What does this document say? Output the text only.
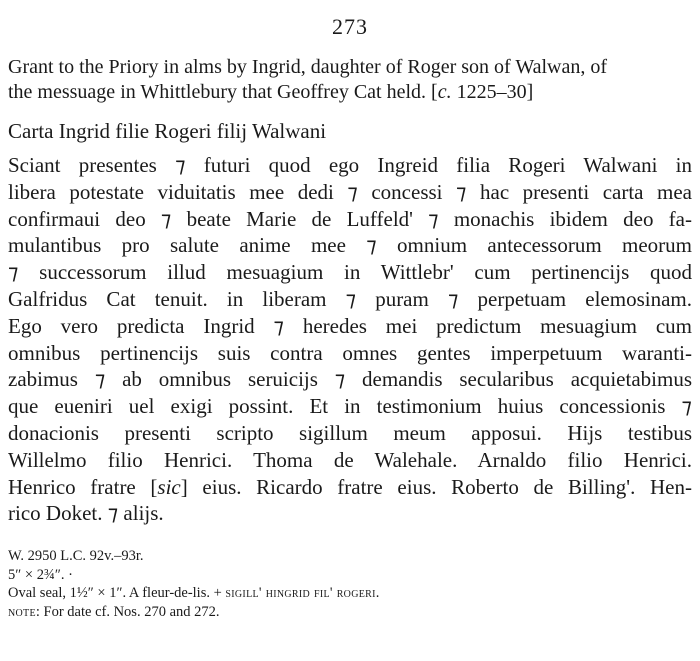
273
Grant to the Priory in alms by Ingrid, daughter of Roger son of Walwan, of
the messuage in Whittlebury that Geoffrey Cat held. [c. 1225–30]
Carta Ingrid filie Rogeri filij Walwani
Sciant presentes ⁊ futuri quod ego Ingreid filia Rogeri Walwani in
libera potestate viduitatis mee dedi ⁊ concessi ⁊ hac presenti carta mea
confirmaui deo ⁊ beate Marie de Luffeld' ⁊ monachis ibidem deo fa-
mulantibus pro salute anime mee ⁊ omnium antecessorum meorum
⁊ successorum illud mesuagium in Wittlebr' cum pertinencijs quod
Galfridus Cat tenuit. in liberam ⁊ puram ⁊ perpetuam elemosinam.
Ego vero predicta Ingrid ⁊ heredes mei predictum mesuagium cum
omnibus pertinencijs suis contra omnes gentes imperpetuum waranti-
zabimus ⁊ ab omnibus seruicijs ⁊ demandis secularibus acquietabimus
que eueniri uel exigi possint. Et in testimonium huius concessionis ⁊
donacionis presenti scripto sigillum meum apposui. Hijs testibus
Willelmo filio Henrici. Thoma de Walehale. Arnaldo filio Henrici.
Henrico fratre [sic] eius. Ricardo fratre eius. Roberto de Billing'. Hen-
rico Doket. ⁊ alijs.
W. 2950 L.C. 92v.–93r.
5″ × 2¾″. ·
Oval seal, 1½″ × 1″. A fleur-de-lis. + sigill' hingrid fil' rogeri.
note: For date cf. Nos. 270 and 272.
